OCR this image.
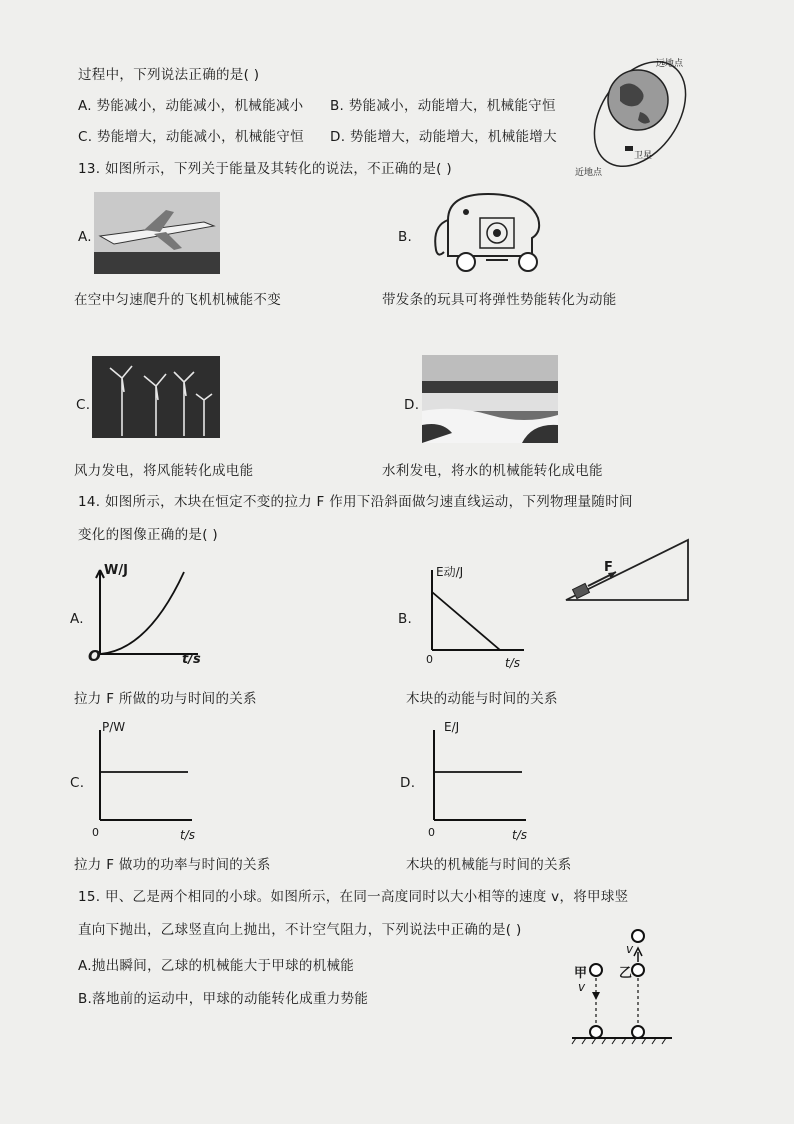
过程中，下列说法正确的是( )
A. 势能减小，动能减小，机械能减小 B. 势能减小，动能增大，机械能守恒
C. 势能增大，动能减小，机械能守恒 D. 势能增大，动能增大，机械能增大
远地点
近地点
卫星
13. 如图所示，下列关于能量及其转化的说法，不正确的是( )
A.
在空中匀速爬升的飞机机械能不变
B.
带发条的玩具可将弹性势能转化为动能
C.
风力发电，将风能转化成电能
D.
水利发电，将水的机械能转化成电能
14. 如图所示，木块在恒定不变的拉力 F 作用下沿斜面做匀速直线运动，下列物理量随时间
变化的图像正确的是( )
F
A.
W/J
O	t/s
拉力 F 所做的功与时间的关系
B.
E动/J
0	t/s
木块的动能与时间的关系
C.
P/W
0	t/s
拉力 F 做功的功率与时间的关系
D.
E/J
0	t/s
木块的机械能与时间的关系
15. 甲、乙是两个相同的小球。如图所示，在同一高度同时以大小相等的速度 v，将甲球竖
直向下抛出，乙球竖直向上抛出，不计空气阻力，下列说法中正确的是( )
A.抛出瞬间，乙球的机械能大于甲球的机械能
B.落地前的运动中，甲球的动能转化成重力势能
甲 乙
v
v
